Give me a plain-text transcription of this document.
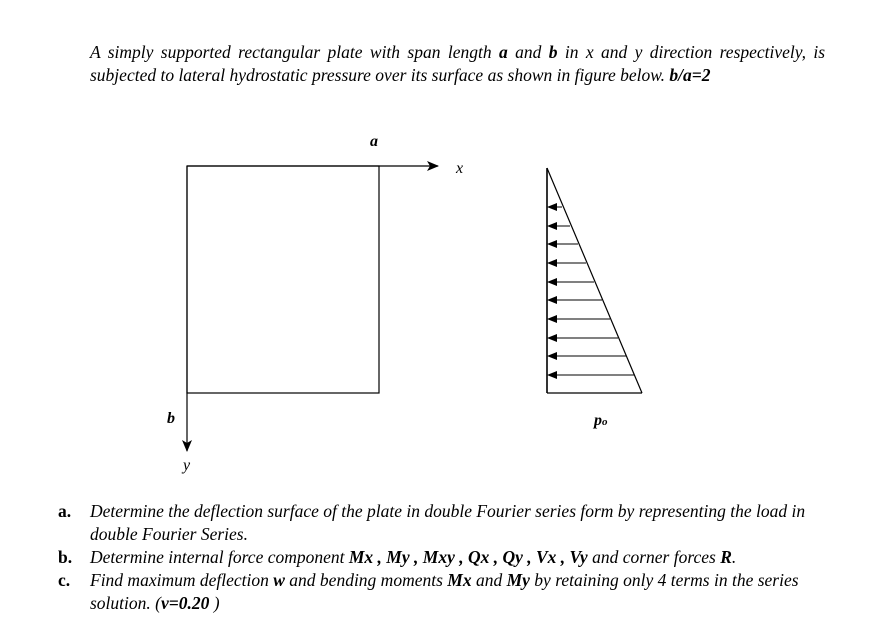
A simply supported rectangular plate with span length a and b in x and y direction respectively, is subjected to lateral hydrostatic pressure over its surface as shown in figure below. b/a=2
a
x
b
y
po
a. Determine the deflection surface of the plate in double Fourier series form by representing the load in double Fourier Series.
b. Determine internal force component Mx , My , Mxy , Qx , Qy , Vx , Vy and corner forces R.
c. Find maximum deflection w and bending moments Mx and My by retaining only 4 terms in the series solution. (ν=0.20 )
